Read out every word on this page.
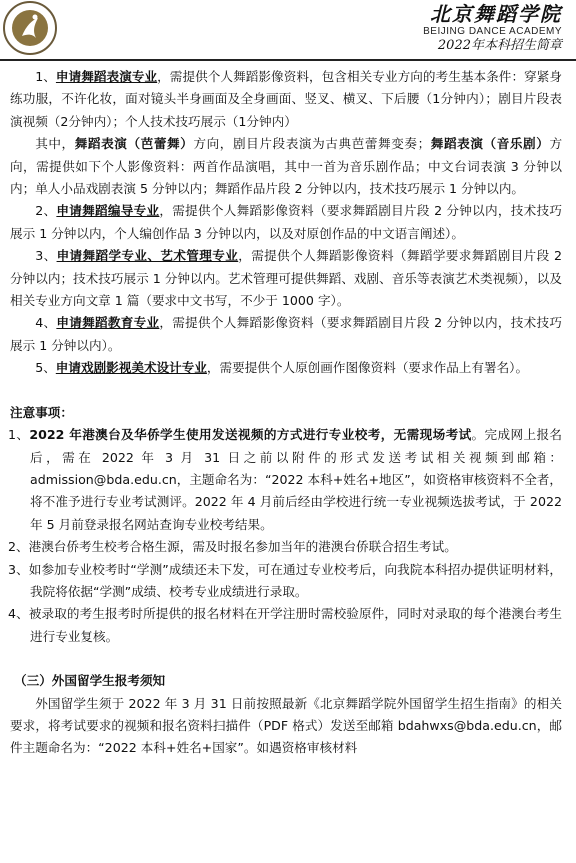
北京舞蹈学院
BEIJING DANCE ACADEMY
2022年本科招生简章

1、申请舞蹈表演专业，需提供个人舞蹈影像资料，包含相关专业方向的考生基本条件：穿紧身练功服，不许化妆，面对镜头半身画面及全身画面、竖叉、横叉、下后腰（1分钟内）；剧目片段表演视频（2分钟内）；个人技术技巧展示（1分钟内）

其中，舞蹈表演（芭蕾舞）方向，剧目片段表演为古典芭蕾舞变奏；舞蹈表演（音乐剧）方向，需提供如下个人影像资料：两首作品演唱，其中一首为音乐剧作品；中文台词表演 3 分钟以内；单人小品戏剧表演 5 分钟以内；舞蹈作品片段 2 分钟以内，技术技巧展示 1 分钟以内。

2、申请舞蹈编导专业，需提供个人舞蹈影像资料（要求舞蹈剧目片段 2 分钟以内，技术技巧展示 1 分钟以内，个人编创作品 3 分钟以内，以及对原创作品的中文语言阐述）。

3、申请舞蹈学专业、艺术管理专业，需提供个人舞蹈影像资料（舞蹈学要求舞蹈剧目片段 2 分钟以内；技术技巧展示 1 分钟以内。艺术管理可提供舞蹈、戏剧、音乐等表演艺术类视频），以及相关专业方向文章 1 篇（要求中文书写，不少于 1000 字）。

4、申请舞蹈教育专业，需提供个人舞蹈影像资料（要求舞蹈剧目片段 2 分钟以内，技术技巧展示 1 分钟以内）。

5、申请戏剧影视美术设计专业，需要提供个人原创画作图像资料（要求作品上有署名）。

注意事项：

1、2022 年港澳台及华侨学生使用发送视频的方式进行专业校考，无需现场考试。完成网上报名后，需在 2022 年 3 月 31 日之前以附件的形式发送考试相关视频到邮箱：admission@bda.edu.cn，主题命名为：“2022 本科+姓名+地区”，如资格审核资料不全者，将不准予进行专业考试测评。2022 年 4 月前后经由学校进行统一专业视频选拔考试，于 2022 年 5 月前登录报名网站查询专业校考结果。

2、港澳台侨考生校考合格生源，需及时报名参加当年的港澳台侨联合招生考试。

3、如参加专业校考时“学测”成绩还未下发，可在通过专业校考后，向我院本科招办提供证明材料，我院将依据“学测”成绩、校考专业成绩进行录取。

4、被录取的考生报考时所提供的报名材料在开学注册时需校验原件，同时对录取的每个港澳台考生进行专业复核。

（三）外国留学生报考须知

外国留学生须于 2022 年 3 月 31 日前按照最新《北京舞蹈学院外国留学生招生指南》的相关要求，将考试要求的视频和报名资料扫描件（PDF 格式）发送至邮箱 bdahwxs@bda.edu.cn，邮件主题命名为：“2022 本科+姓名+国家”。如遇资格审核材料
